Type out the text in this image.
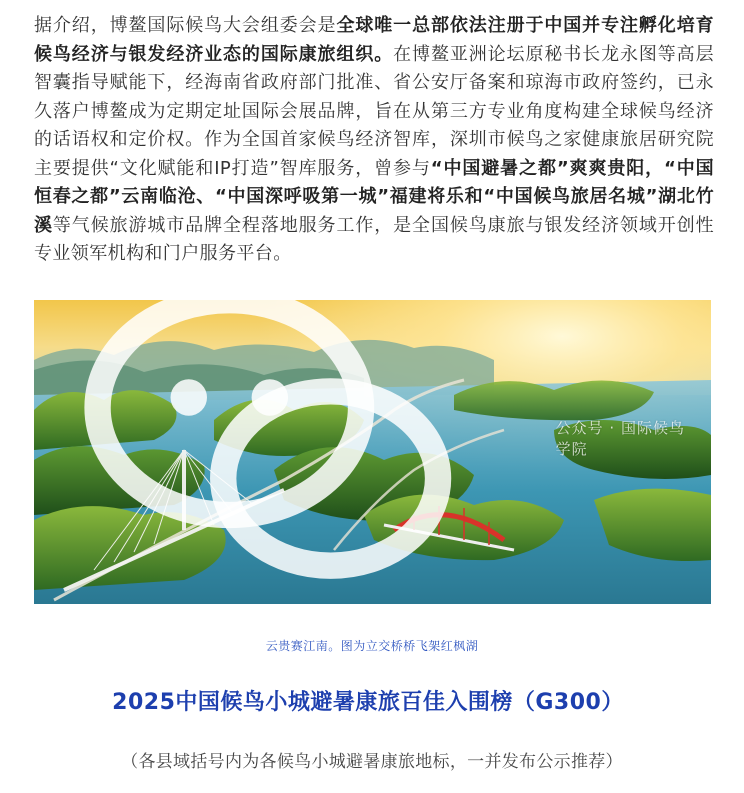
据介绍，博鳌国际候鸟大会组委会是全球唯一总部依法注册于中国并专注孵化培育候鸟经济与银发经济业态的国际康旅组织。在博鳌亚洲论坛原秘书长龙永图等高层智囊指导赋能下，经海南省政府部门批准、省公安厅备案和琼海市政府签约，已永久落户博鳌成为定期定址国际会展品牌，旨在从第三方专业角度构建全球候鸟经济的话语权和定价权。作为全国首家候鸟经济智库，深圳市候鸟之家健康旅居研究院主要提供“文化赋能和IP打造”智库服务，曾参与“中国避暑之都”爽爽贵阳，“中国恒春之都”云南临沧、“中国深呼吸第一城”福建将乐和“中国候鸟旅居名城”湖北竹溪等气候旅游城市品牌全程落地服务工作，是全国候鸟康旅与银发经济领域开创性专业领军机构和门户服务平台。

公众号 · 国际候鸟学院
云贵赛江南。图为立交桥桥飞架红枫湖
2025中国候鸟小城避暑康旅百佳入围榜（G300）
（各县域括号内为各候鸟小城避暑康旅地标，一并发布公示推荐）
